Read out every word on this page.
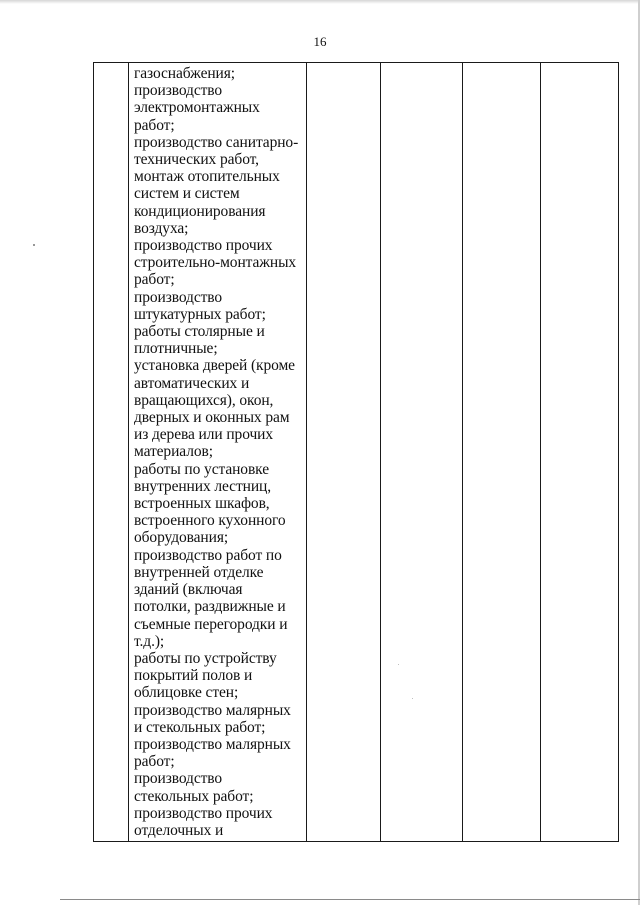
16
газоснабжения;
производство
электромонтажных
работ;
производство санитарно-
технических работ,
монтаж отопительных
систем и систем
кондиционирования
воздуха;
производство прочих
строительно-монтажных
работ;
производство
штукатурных работ;
работы столярные и
плотничные;
установка дверей (кроме
автоматических и
вращающихся), окон,
дверных и оконных рам
из дерева или прочих
материалов;
работы по установке
внутренних лестниц,
встроенных шкафов,
встроенного кухонного
оборудования;
производство работ по
внутренней отделке
зданий (включая
потолки, раздвижные и
съемные перегородки и
т.д.);
работы по устройству
покрытий полов и
облицовке стен;
производство малярных
и стекольных работ;
производство малярных
работ;
производство
стекольных работ;
производство прочих
отделочных и
